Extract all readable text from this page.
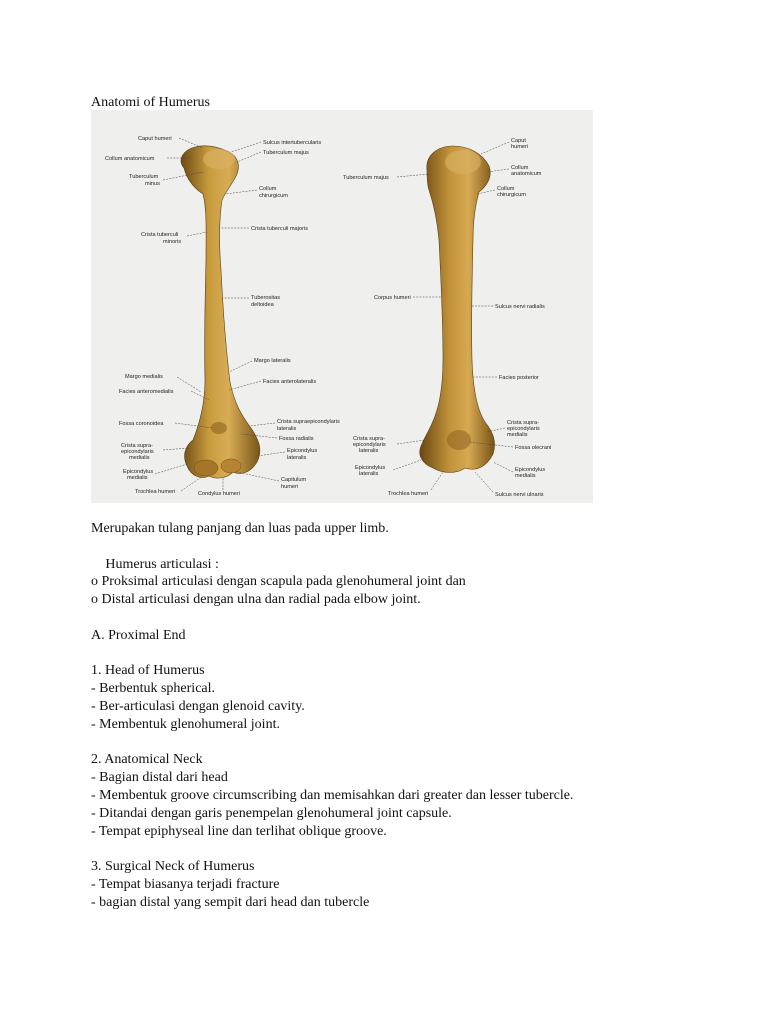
Anatomi of Humerus
Caput humeri
Collum anatomicum
Tuberculum
minus
Crista tuberculi
minoris
Sulcus intertubercularis
Tuberculum majus
Collum
chirurgicum
Crista tuberculi majoris
Tuberositas
deltoidea
Margo lateralis
Margo medialis
Facies anterolateralis
Facies anteromedialis
Crista supraepicondylaris
lateralis
Fossa coronoidea
Fossa radialis
Crista supra-
epicondylaris
medialis
Epicondylus
lateralis
Epicondylus
medialis	Capitulum
humeri
Trochlea humeri	Condylus humeri
Caput
humeri
Collum
anatomicum
Tuberculum majus
Collum
chirurgicum
Corpus humeri
Sulcus nervi radialis
Facies posterior
Crista supra-
epicondylaris
medialis
Crista supra-
epicondylaris
lateralis	Fossa olecrani
Epicondylus
lateralis
Epicondylus
medialis
Trochlea humeri	Sulcus nervi ulnaris

Merupakan tulang panjang dan luas pada upper limb.

Humerus articulasi :

o Proksimal articulasi dengan scapula pada glenohumeral joint dan

o Distal articulasi dengan ulna dan radial pada elbow joint.

A. Proximal End

1. Head of Humerus

- Berbentuk spherical.

- Ber-articulasi dengan glenoid cavity.

- Membentuk glenohumeral joint.

2. Anatomical Neck

- Bagian distal dari head

- Membentuk groove circumscribing dan memisahkan dari greater dan lesser tubercle.

- Ditandai dengan garis penempelan glenohumeral joint capsule.

- Tempat epiphyseal line dan terlihat oblique groove.

3. Surgical Neck of Humerus

- Tempat biasanya terjadi fracture

- bagian distal yang sempit dari head dan tubercle
